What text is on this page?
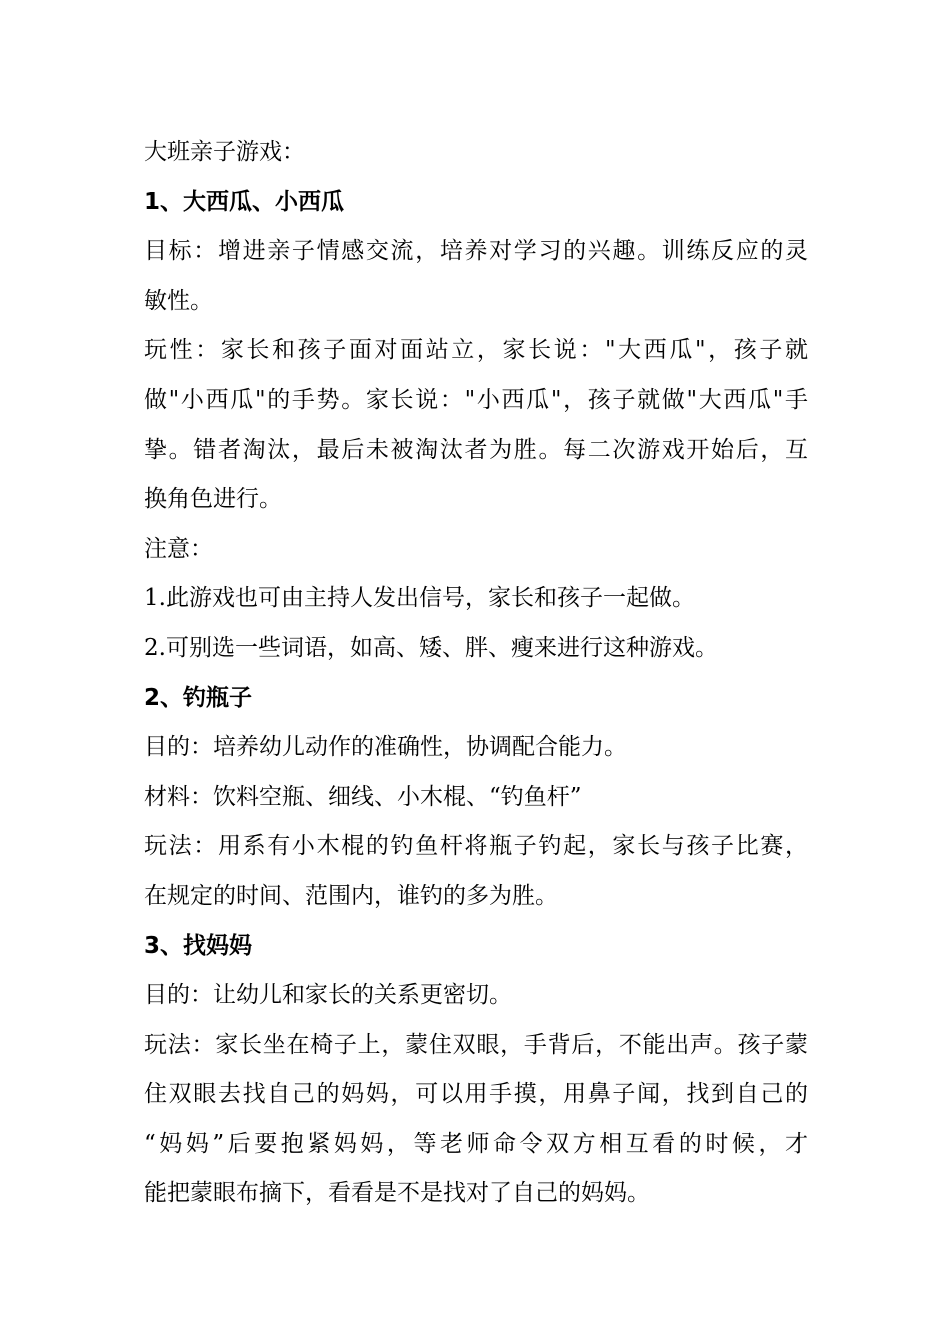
大班亲子游戏：
1、大西瓜、小西瓜
目标：增进亲子情感交流，培养对学习的兴趣。训练反应的灵
敏性。
玩性：家长和孩子面对面站立，家长说："大西瓜"，孩子就
做"小西瓜"的手势。家长说："小西瓜"，孩子就做"大西瓜"手
挚。错者淘汰，最后未被淘汰者为胜。每二次游戏开始后，互
换角色进行。
注意：
1.此游戏也可由主持人发出信号，家长和孩子一起做。
2.可别选一些词语，如高、矮、胖、瘦来进行这种游戏。
2、钓瓶子
目的：培养幼儿动作的准确性，协调配合能力。
材料：饮料空瓶、细线、小木棍、“钓鱼杆”
玩法：用系有小木棍的钓鱼杆将瓶子钓起，家长与孩子比赛，
在规定的时间、范围内，谁钓的多为胜。
3、找妈妈
目的：让幼儿和家长的关系更密切。
玩法：家长坐在椅子上，蒙住双眼，手背后，不能出声。孩子蒙
住双眼去找自己的妈妈，可以用手摸，用鼻子闻，找到自己的
“妈妈”后要抱紧妈妈，等老师命令双方相互看的时候，才
能把蒙眼布摘下，看看是不是找对了自己的妈妈。
